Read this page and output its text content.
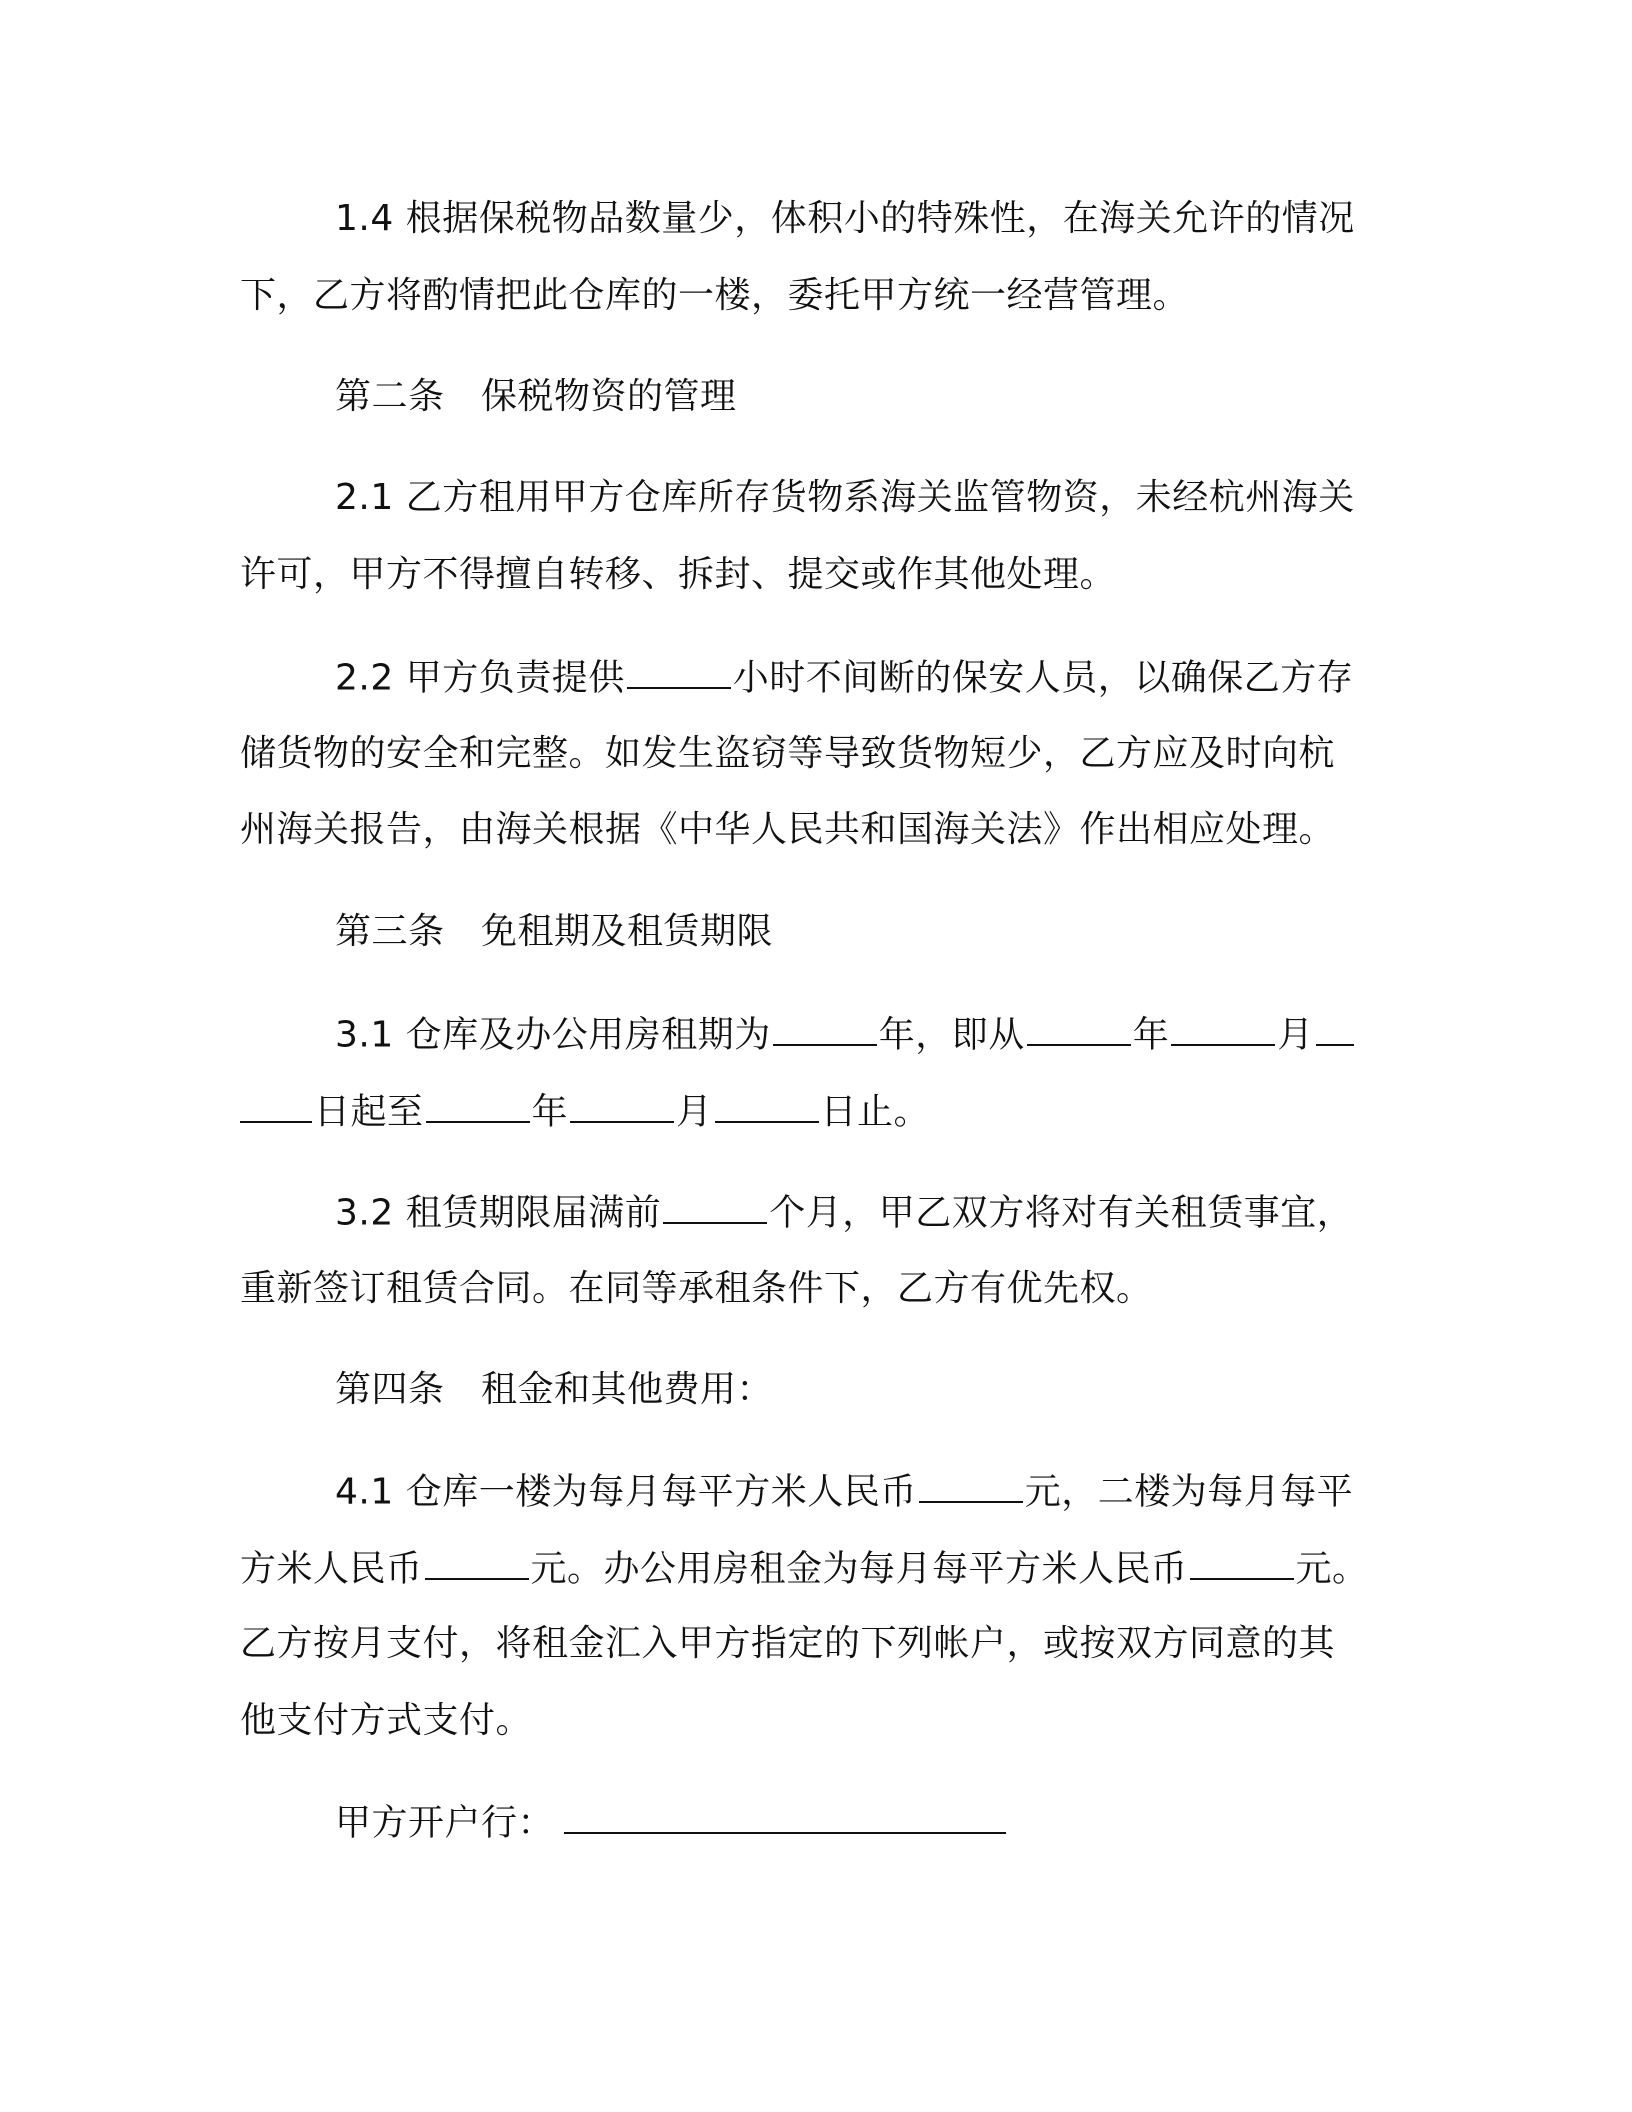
1.4 根据保税物品数量少，体积小的特殊性，在海关允许的情况
下，乙方将酌情把此仓库的一楼，委托甲方统一经营管理。
第二条　保税物资的管理
2.1 乙方租用甲方仓库所存货物系海关监管物资，未经杭州海关
许可，甲方不得擅自转移、拆封、提交或作其他处理。
2.2 甲方负责提供	小时不间断的保安人员，以确保乙方存
储货物的安全和完整。如发生盗窃等导致货物短少，乙方应及时向杭
州海关报告，由海关根据《中华人民共和国海关法》作出相应处理。
第三条　免租期及租赁期限
3.1 仓库及办公用房租期为	年，即从	年	月
日起至	年	月	日止。
3.2 租赁期限届满前	个月，甲乙双方将对有关租赁事宜，
重新签订租赁合同。在同等承租条件下，乙方有优先权。
第四条　租金和其他费用：
4.1 仓库一楼为每月每平方米人民币	元，二楼为每月每平
方米人民币	元。办公用房租金为每月每平方米人民币	元。
乙方按月支付，将租金汇入甲方指定的下列帐户，或按双方同意的其
他支付方式支付。
甲方开户行：
